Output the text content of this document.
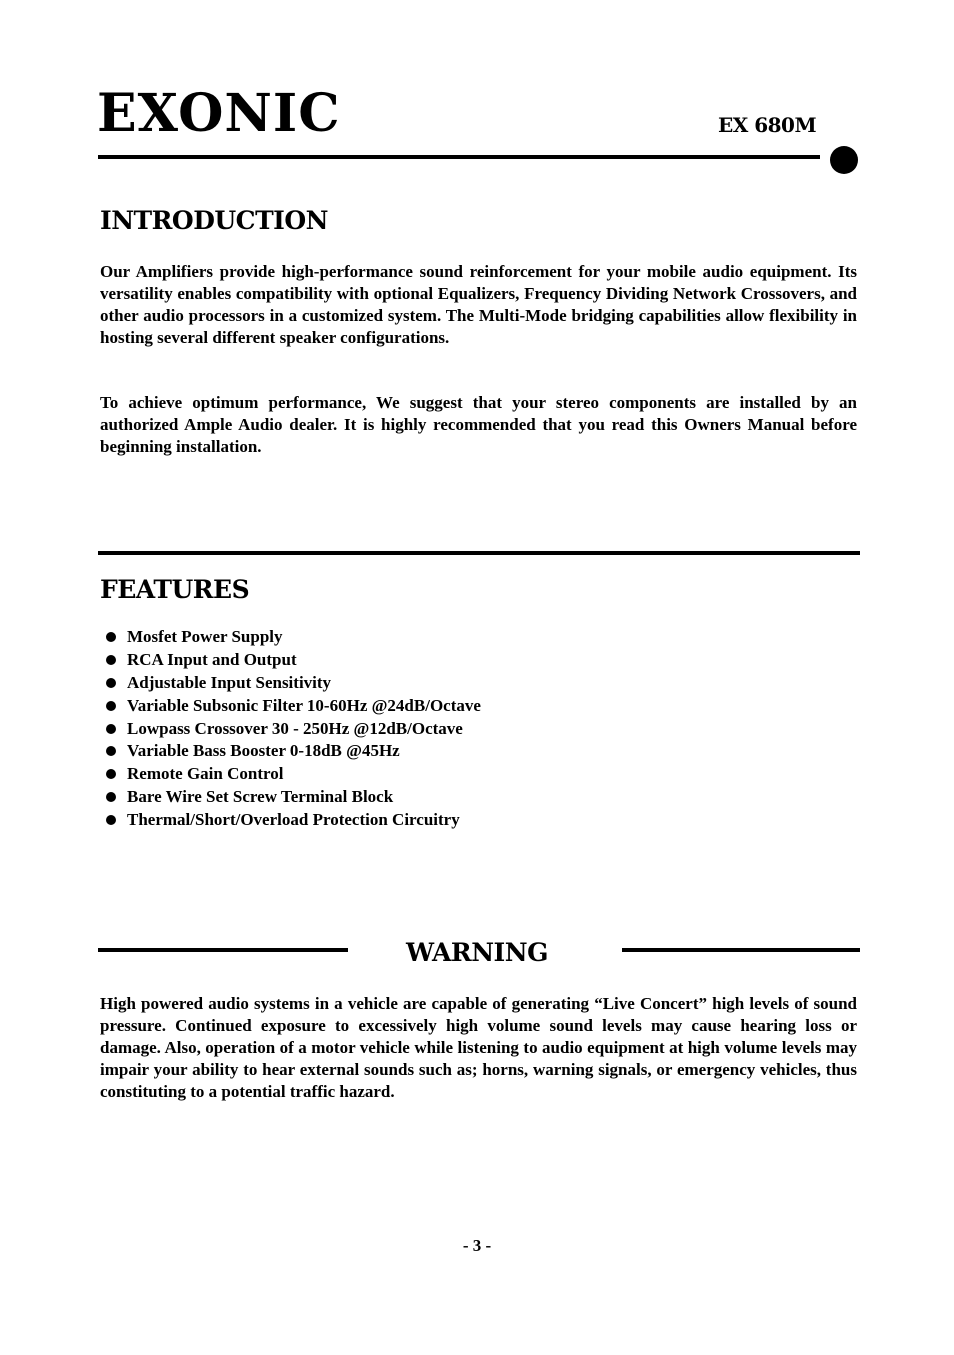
EXONIC	EX 680M
INTRODUCTION

Our Amplifiers provide high-performance sound reinforcement for your mobile audio equipment. Its versatility enables compatibility with optional Equalizers, Frequency Dividing Network Crossovers, and other audio processors in a customized system. The Multi-Mode bridging capabilities allow flexibility in hosting several different speaker configurations.

To achieve optimum performance, We suggest that your stereo components are installed by an authorized Ample Audio dealer. It is highly recommended that you read this Owners Manual before beginning installation.

FEATURES
Mosfet Power Supply
RCA Input and Output
Adjustable Input Sensitivity
Variable Subsonic Filter 10-60Hz @24dB/Octave
Lowpass Crossover 30 - 250Hz @12dB/Octave
Variable Bass Booster 0-18dB @45Hz
Remote Gain Control
Bare Wire Set Screw Terminal Block
Thermal/Short/Overload Protection Circuitry
WARNING

High powered audio systems in a vehicle are capable of generating “Live Concert” high levels of sound pressure. Continued exposure to excessively high volume sound levels may cause hearing loss or damage. Also, operation of a motor vehicle while listening to audio equipment at high volume levels may impair your ability to hear external sounds such as; horns, warning signals, or emergency vehicles, thus constituting to a potential traffic hazard.

- 3 -
